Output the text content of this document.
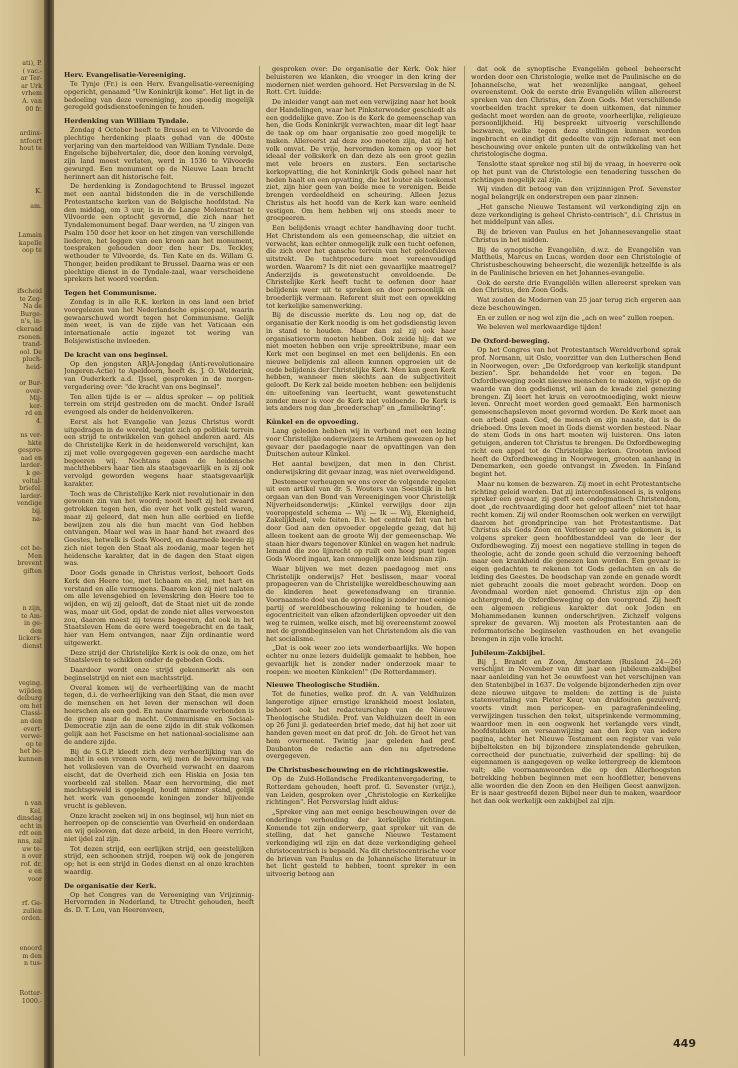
ati), P.
( vac.-
ar Ter-
ar Urk
vrhem
A. van
00 fr.
ardinx-
ntfoort
hout te
K.

am.
Lamain
kapelle
oop te
ifscheid
te Zeg-
Na de
Burge-
n's, in-
ckeraad
rsonen.
trand-
ool. De
pluch-
heid-
or Bur-
over-
Mij-
ker-
rd en
4.
ns ver-
hkte
gespro-
aad en
larder-
k ge-
voltal-
briefel.
larder-
vendige
bij.
na-
cet be-
Men
brevent
giften
n zijn,
te Am-
in ge-
den
lickers-
dienst
veging.
wijlden
delburg
om het
Classi-
an den
evert-
verwe-
op te
het be-
kunnen
n van
Kel.
dinsdag
echt in
rdt een
nns, zal
uw te-
n over
rof. dr.
e en
voor
rf. Ge-
zullen
orden.
enoord
m den
n tus-
Rotter-
1000.-
Herv. Evangelisatie-Vereeniging.

Te Tynje (Fr.) is een Herv. Evangelisatie-vereeniging opgericht, genaamd "Uw Koninkrijk kome". Het ligt in de bedoeling van deze vereeniging, zoo spoedig mogelijk geregeld godsdienstoefeningen te houden.

Herdenking van William Tyndale.

Zondag 4 October heeft te Brussel en te Vilvoorde de plechtige herdenking plaats gehad van de 400ste verjaring van den marteldood van William Tyndale. Deze Engelsche bijbelvertaler, die, door den koning vervolgd, zijn land moest verlaten, werd in 1536 te Vilvoorde gewurgd. Een monument op de Nieuwe Laan bracht herinnert aan dit historische feit.

De herdenking is Zondagochtend te Brussel ingezet met een aantal bidstonden die in de verschillende Protestantsche kerken van de Belgische hoofdstad. Na den middag, om 3 uur, is in de Lange Molenstraat te Vilvoorde een optocht gevormd, die zich naar het Tyndalemonument begaf. Daar werden, na 'U zingen van Psalm 150 door het koor en het zingen van verschillende liederen, het leggen van een kroon aan het monument, toespraken gehouden door den heer Ds. Teckley, wethouder te Vilvoorde, ds. Ten Kate en ds. Willam G. Thonger, beiden predikant te Brussel. Daarna was er een plechtige dienst in de Tyndale-zaal, waar verscheidene sprekers het woord voerden.

Tegen het Communisme.

Zondag is in alle R.K. kerken in ons land een brief voorgelezen van het Nederlandsche episcopaat, waarin gewaarschuwd wordt tegen het Communisme. Gelijk men weet, is van de zijde van het Vaticaan een internationale actie ingezet tot wering van Bolsjewistische invloeden.

De kracht van ons beginsel.

Op den jongsten ARJA-Jongdag (Anti-revolutionaire Jongeren-Actie) te Apeldoorn, heeft ds. J. O. Welderink, van Ouderkerk a.d. IJssel, gesproken in de morgen-vergadering over: "de kracht van ons beginsel".

Ten allen tijde is er — aldus spreker — op politiek terrein om strijd gestreden om de macht. Onder Israël evengoed als onder de heidenvolkeren.

Eerst als het Evangelie van Jezus Christus wordt uitgedragen in de wereld, begint zich op politiek terrein een strijd te ontwikkelen van geheel anderen aard. Als de Christelijke Kerk in de heidenwereld verschijnt, kan zij met volle overgegeven gegeven een aardsche macht begeeren wij. Nochtans gaan de heidensche machthebbers haar tien als staatsgevaarlijk en is zij ook vervolgd geworden wegens haar staatsgevaarlijk karakter.

Toch was de Christelijke Kerk niet revolutionair in den gewonen zin van het woord; nooit heeft zij het zwaard getrokken tegen hen, die over het volk gesteld waren, maar zij geleerd, dat men hun alle eerbied en liefde bewijzen zou als die hun macht van God hebben ontvangen. Maar wel was in haar hand het zwaard des Geestes, hetwelk is Gods Woord, en daarmede keerde zij zich niet tegen den Staat als zoodanig, maar tegen het heidensche karakter, dat in de dagen den Staat eigen was.

Door Gods genade in Christus verlost, behoort Gods Kerk den Heere toe, met lichaam en ziel, met hart en verstand en alle vermogens. Daarom kon zij niet nalaten om alle levensgebied en levenskring den Heere toe te wijden, en wij zij gelooft, dat de Staat niet uit de zonde was, maar uit God, opdat de zonde niet alles verwoesten zou, daarom moest zij tevens begeeren, dat ook in het Staatsleven Hem de eere werd toegebracht en de taak, hier van Hem ontvangen, naar Zijn ordinantie werd uitgewerkt.

Deze strijd der Christelijke Kerk is ook de onze, om het Staatsleven te schikken onder de geboden Gods.

Daardoor wordt onze strijd gekenmerkt als een beginselstrijd en niet een machtsstrijd.

Overal komen wij de verheerlijking van de macht tegen, d.i. de verheerlijking van den Staat, die men over de menschen en het leven der menschen wil doen heerschen als een god. En nauw daarmede verbonden is de groep naar de macht. Communisme en Sociaal-Democratie zijn aan de eene zijde in dit stuk volkomen gelijk aan het Fascisme en het nationaal-socialisme aan de andere zijde.

Bij de S.G.P. kleedt zich deze verheerlijking van de macht in een vromen vorm, wij men de bevorming van het volksleven van de Overheid verwacht en daarom eischt, dat de Overheid zich een Hiskia en Josia ten voorbeeld zal stellen. Maar een hervorming, die met machtsgeweld is opgelegd, houdt nimmer stand, gelijk het werk van genoemde koningen zonder blijvende vrucht is gebleven.

Onze kracht zoeken wij in ons beginsel, wij hun niet en herroepen op de conscientie van Overheid en onderdaan en wij gelooven, dat deze arbeid, in den Heere verricht, niet ijdel zal zijn.

Tot dezen strijd, een eerlijken strijd, een geestelijken strijd, een schoonen strijd, roepen wij ook de jongeren op; het is een strijd in Godes dienst en al onze krachten waardig.

De organisatie der Kerk.

Op het Congres van de Vereeniging van Vrijzinnig-Hervormden in Nederland, te Utrecht gehouden, heeft ds. D. T. Lou, van Heerenveen,

gesproken over: De organisatie der Kerk. Ook hier beluisteren we klanken, die vroeger in den kring der modernen niet werden gehoord. Het Persverslag in de N. Rott. Crt. luidde:

De inleider vangt aan met een verwijzing naar het boek der Handelingen, waar het Pinksterwonder geschiedt als een goddelijke gave. Zoo is de Kerk de gemeenschap van hen, die Gods Koninkrijk verwachten, maar dit legt haar de taak op om haar organisatie zoo goed mogelijk te maken. Allereerst zal deze zoo moeten zijn, dat zij het volk omvat. De vrije, hervormden komen op voor het ideaal der volkskerk en dan deze als een groot geziin met vele broers en zusters. Een sectarische kerkopvatting, die het Koninkrijk Gods geheel naar het heden haalt en een opvatting, die het louter als toekomst ziet, zijn hier geen van beide mee te verenigen. Beide brengen verdeeldheid en scheuring. Alleen Jezus Christus als het hoofd van de Kerk kan ware eenheid vestigen. Om hem hebben wij ons steeds meer te groepeeren.

Een belijdenis vraagt echter handhaving door tucht. Het Christendom als een gemeenschap, die uitziet en verwacht, kan echter onmogelijk zulk een tucht oefenen, die zich over het gansche terrein van het geloofsleven uitstrekt. De tuchtprocedure moet vereenvoudigd worden. Waarom? Is dit niet een gevaarlijke maatregel? Anderzijds is gewetenstucht onvoldoende. De Christelijke Kerk heeft tucht te oefenen door haar belijdenis weer uit te spreken en door persoonlijk en broederlijk vermaan. Referent sluit met een opwekking tot kerkelijke samenwerking.

Bij de discussie merkte ds. Lou nog op, dat de organisatie der Kerk noodig is om het godsdienstig leven in stand te houden. Maar dan zal zij ook haar organisatievorm moeten hebben. Ook zeide hij: dat we niet moeten hebben een vrije spreektribune, maar een Kerk met een beginsel en met een belijdenis. En een nieuwe belijdenis zal alleen kunnen opgroeien uit de oude belijdenis der Christelijke Kerk. Men kan geen Kerk hebben, wanneer men slechts aan de subjectiviteit gelooft. De Kerk zal beide moeten hebben: een belijdenis én: uitoefening van leertucht, want gewetenstucht zonder meer is voor de Kerk niet voldoende. De Kerk is iets anders nog dan „broederschap" en „familiekring".

Künkel en de opvoeding.

Lang geleden hebben wij in verband met een lezing voor Christelijke onderwijzers te Arnhem gewezen op het gevaar der paedagogie naar de opvattingen van den Duitschen auteur Künkel.

Het aantal bewijzen, dat men in den Christ. onderwijskring dit gevaar inzag, was niet overweldigend.

Destemeer verheugen we ons over de volgende regelen uit een artikel van dr. S. Wouters van Soestdijk in het orgaan van den Bond van Vereenigingen voor Christelijk Nijverheidsonderwijs: „Künkel verwijlgs door zijn vooropgesteld schema — Wij — Ik — Wij, Ekenigheid, Zakelijkheid, vele feiten. B.v. het centrale feit van het door God aan den opvoeder opgelegde gezag, dat hij alleen toekent aan de groote Wij der gemeenschap. We staan hier dwars tegenover Künkel en wagen het nadruk: Iemand die zoo lijnrecht op ruilt een hoog punt tegen Gods Woord ingaat, kan onmogelijk onze leidsman zijn.

Waar blijven we met dezen paedagoog met ons Christelijk onderwijs? Het beslissen, maar vooral propageeren van de Christelijke wereldbeschouwing aan de kinderen heet gewetensdwang en tirannie. Voornaamste doel van de opvoeding is zonder met eenige partij of wereldbeschouwing rekening te houden, de egocentriciteit van elken afzonderlijken opvoeder uit den weg te ruimen, welke eisch, met bij overeenstemt zoowel met de grondbeginselen van het Christendom als die van het socialisme.

„Dat is ook weer zoo iets wonderbaarlijks. We hopen echter nu onze lezers duidelijk gemaakt te hebben, hoe gevaarlijk het is zonder nader onderzoek maar te roepen: we moeten Künkelen!" (De Rotterdammer).

Nieuwe Theologische Studiën.

Tot de funeties, welke prof. dr. A. van Veldhuizen langerotige zijner ernstige krankheid moest loslaten, behoort ook het redacteurschap van de Nieuwe Theologische Studiën. Prof. van Veldhuizen deelt in een op 26 Juni jl. gedateerden brief mede, dat hij het zoer uit handen geven moet en dat prof. dr. Joh. de Groot het van hem overneemt. Twintig jaar geleden had prof. Daubanton de redactie aan den nu afgetredene overgegeven.

De Christusbeschouwing en de richtingskwestie.

Op de Zuid-Hollandsche Predikantenvergadering, te Rotterdam gehouden, heeft prof. G. Sevenster (vrijz.), van Leiden, gesproken over „Christologie en Kerkelijke richtingen". Het Persverslag luidt aldus:

„Spreker ving aan met eenige beschouwingen over de onderlinge verhouding der kerkelijke richtingen. Komende tot zijn onderwerp, gaat spreker uit van de stelling, dat het gansche Nieuwe Testament verkondiging wil zijn en dat deze verkondiging geheel christocentrisch is bepaald. Na dit christocentrische voor de brieven van Paulus en de Johanneïsche literatuur in het licht gesteld te hebben, toont spreker in een uitvoerig betoog aan

dat ook de synoptische Evangeliën geheel beheerscht worden door een Christologie, welke met de Paulinische en de Johanneïsche, wat het wezenlijke aangaat, geheel overeenstemt. Ook de eerste drie Evangeliën willen allereerst spreken van den Christus, den Zoon Gods. Met verschillende voorbeelden tracht spreker te doen uitkomen, dat nimmer gedacht moet worden aan de groote, voorheerlijke, religieuze persoonlijkheid. Hij bespreekt uitvoerig verschillende bezwaren, welke tegen deze stellingen kunnen worden ingebracht en eindigt dit gedeelte van zijn referaat met een beschouwing over enkele punten uit de ontwikkeling van het christologische dogma.

Tenslotte staat spreker nog stil bij de vraag, in hoeverre ook op het punt van de Christologie een tenadering tusschen de richtingen mogelijk zal zijn.

Wij vinden dit betoog van den vrijzinnigen Prof. Sevenster nogal belangrijk en onderstrepen een paar zinnen:

„Het gansche Nieuwe Testament wil verkondiging zijn en deze verkondiging is geheel Christo-centrisch", d.i. Christus in het middelpunt van alles.

Bij de brieven van Paulus en het Johannesevangelie staat Christus in het midden.

Bij de synoptische Evangeliën, d.w.z. de Evangeliën van Mattheüs, Marcus en Lucas, worden door een Christologie of Christusbeschouwing beheerscht, die wezenlijk hetzelfde is als in de Paulinische brieven en het Johannes-evangelie.

Ook de eerste drie Evangeliën willen allereerst spreken van den Christus, den Zoon Gods.

Wat zouden de Modernen van 25 jaar terug zich ergeren aan deze beschouwingen.

En er zullen er nog wel zijn die „ach en wee" zullen roepen.

We beleven wel merkwaardige tijden!

De Oxford-beweging.

Op het Congres van het Protestantsch Wereldverbond sprak prof. Normann, uit Oslo, voorzitter van den Lutherschen Bond in Noorwegen, over: „De Oxfordgroep van kerkelijk standpunt bezien". Spr. behandelde het voor en tegen. De Oxfordbeweging zoekt nieuwe menschen te maken, wijst op de waarde van den godsdienst, wil aan de kwade ziel genezing brengen. Zij leert het kruis en verootmoediging, wekt nieuw leven. Onrecht moet worden goed gemaakt. Een harmonisch gemeenschapsleven moet gevormd worden. De Kerk moet aan een arbeid gaan. God, de mensch en zijn naaste, dat is de drieboed. Ons leven moet in Gods dienst worden besteed. Naar de stem Gods in ons hart moeten wij luisteren. Ons laten getuigen, anderen tot Christus te brengen. De Oxfordbeweging richt een appel tot de Christelijke kerken. Grooten invloed heeft de Oxfordbeweging in Noorwegen, grooten aanhang in Denemarken, een goede ontvangst in Zweden. In Finland begint het.

Maar nu komen de bezwaren. Zij moet in echt Protestantsche richting geleid worden. Dat zij interconfessioneel is, is volgens spreker een gevaar, zij geeft een ondogmatisch Christendom, doet „de rechtvaardiging door het geloof alleen" niet tot haar recht komen. Zij wil onder Roomschen ook werken en verwijlgt daarom het grondprincipe van het Protestantisme. Dat Christus als Gods Zoon en Verlosser op aarde gekomen is, is volgens spreker geen hoofdbestanddeel van de leer der Oxfordbeweging. Zij moest een negatieve stelling in tegen de theologie, acht de zonde geen schuld die verzoening behoeft maar een krankheid die genezen kan worden. Een gevaar is: eigen gedachten te rekenen tot Gods gedachten en als de leiding des Geestes. De boodschap van zonde en genade wordt niet gebracht zooals die moet gebracht worden. Doop en Avondmaal worden niet genoemd. Christus zijn op den achtergrond, de Oxfordbeweging op den voorgrond. Zij heeft een algemeen religieus karakter dat ook Joden en Mohammedanen kunnen onderschrijven. Zichzelf volgens spreker de gevaren. Wij moeten als Protestanten aan de reformatorische beginselen vasthouden en het evangelie brengen in zijn volle kracht.

Jubileum-Zakbijbel.

Bij J. Brandt en Zoon, Amsterdam (Rusland 24—26) verschijnt in November van dit jaar een jubileum-zakbijbel naar aanleiding van het 3e eeuwfeest van het verschijnen van den Statenbijbel in 1637. De volgende bijzonderheden zijn over deze nieuwe uitgave te melden: de zetting is de juiste statenvertaling van Pieter Keur, van drukfouten gezuiverd; voorts vindt men pericopen- en paragrafenindeeling, verwijzingen tusschen den tekst, uitsprinkende vermomming, waardoor men in een oogwenk het verlangde vers vindt, hoofdstukken en versaanwijzing aan den kop van iedere pagina, achter het Nieuwe Testament een register van vele bijbelteksten en bij bijzondere zinsplatendende gebruiken, correctheid der punctuatie, zuiverheid der spelling: bij de eigennamen is aangegeven op welke lettergreep de klemtoon valt; alle voornaamwoorden die op den Allerhoogsten betrekking hebben beginnen met een hoofdletter, benevens alle woorden die den Zoon en den Heiligen Geest aanwijzen. Er is naar gestreefd dezen Bijbel neer dun te maken, waardoor het dan ook werkelijk een zakbijbel zal zijn.

449
